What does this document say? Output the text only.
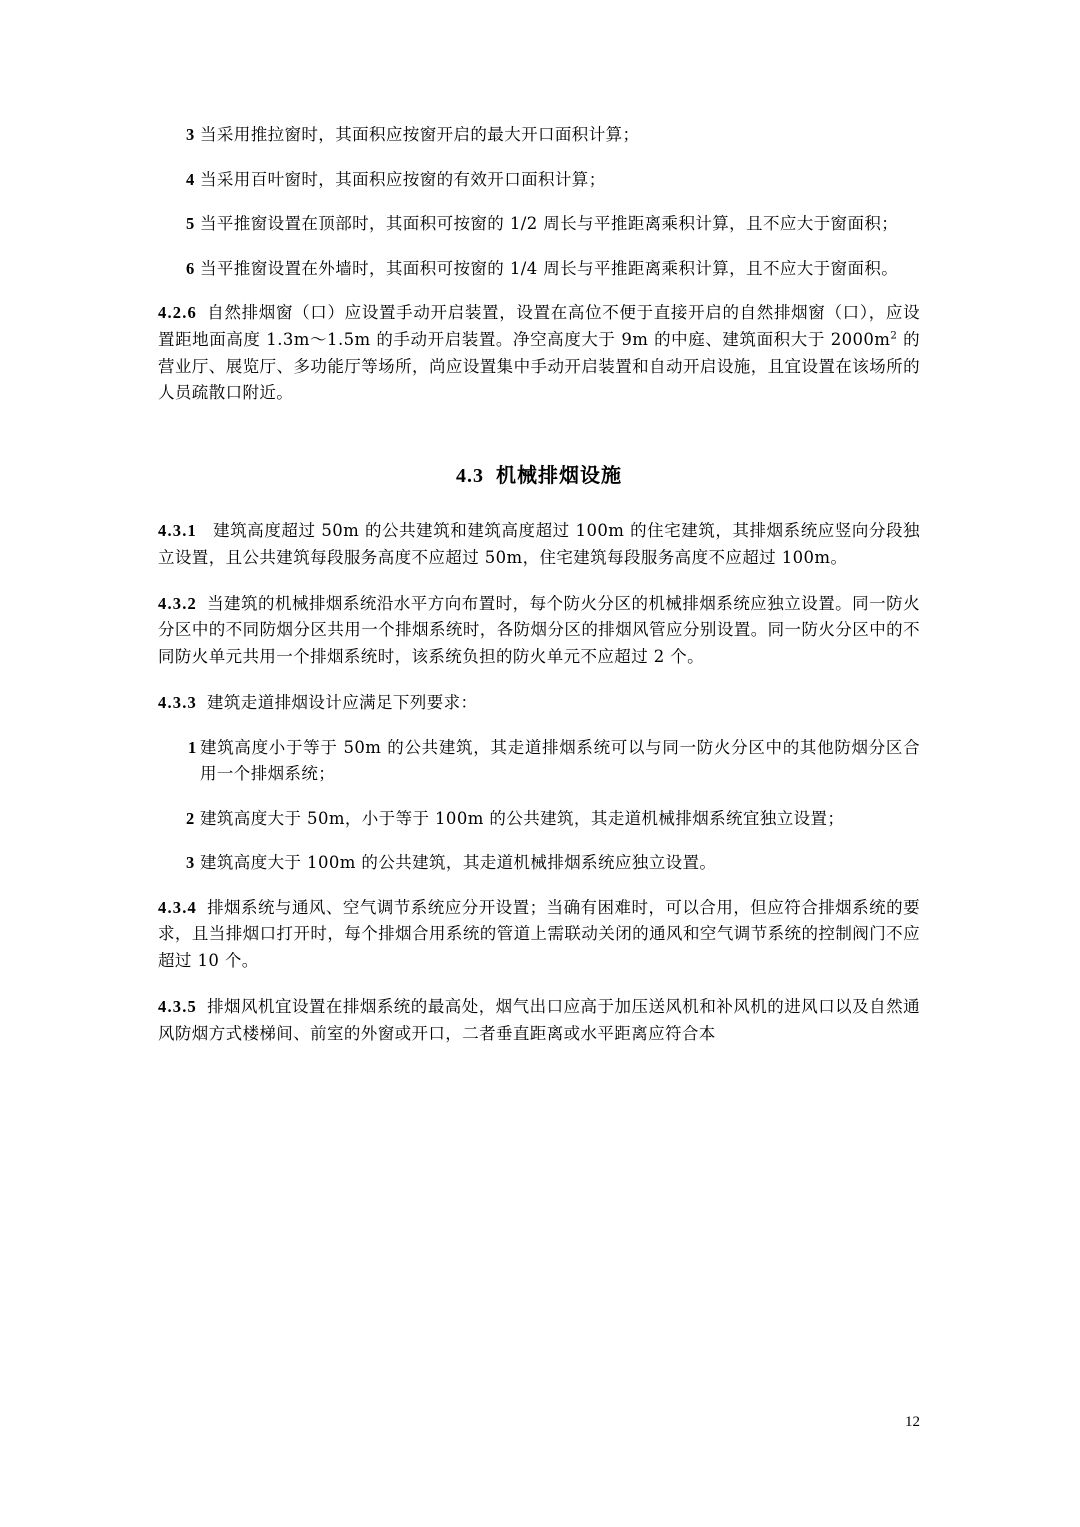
3 当采用推拉窗时，其面积应按窗开启的最大开口面积计算；
4 当采用百叶窗时，其面积应按窗的有效开口面积计算；
5 当平推窗设置在顶部时，其面积可按窗的 1/2 周长与平推距离乘积计算，且不应大于窗面积；
6 当平推窗设置在外墙时，其面积可按窗的 1/4 周长与平推距离乘积计算，且不应大于窗面积。

4.2.6 自然排烟窗（口）应设置手动开启装置，设置在高位不便于直接开启的自然排烟窗（口），应设置距地面高度 1.3m～1.5m 的手动开启装置。净空高度大于 9m 的中庭、建筑面积大于 $2000m^2$ 的营业厅、展览厅、多功能厅等场所，尚应设置集中手动开启装置和自动开启设施，且宜设置在该场所的人员疏散口附近。

4.3 机械排烟设施

4.3.1 建筑高度超过 50m 的公共建筑和建筑高度超过 100m 的住宅建筑，其排烟系统应竖向分段独立设置，且公共建筑每段服务高度不应超过 50m，住宅建筑每段服务高度不应超过 100m。

4.3.2 当建筑的机械排烟系统沿水平方向布置时，每个防火分区的机械排烟系统应独立设置。同一防火分区中的不同防烟分区共用一个排烟系统时，各防烟分区的排烟风管应分别设置。同一防火分区中的不同防火单元共用一个排烟系统时，该系统负担的防火单元不应超过 2 个。

4.3.3 建筑走道排烟设计应满足下列要求：

1 建筑高度小于等于 50m 的公共建筑，其走道排烟系统可以与同一防火分区中的其他防烟分区合用一个排烟系统；
2 建筑高度大于 50m，小于等于 100m 的公共建筑，其走道机械排烟系统宜独立设置；
3 建筑高度大于 100m 的公共建筑，其走道机械排烟系统应独立设置。

4.3.4 排烟系统与通风、空气调节系统应分开设置；当确有困难时，可以合用，但应符合排烟系统的要求，且当排烟口打开时，每个排烟合用系统的管道上需联动关闭的通风和空气调节系统的控制阀门不应超过 10 个。

4.3.5 排烟风机宜设置在排烟系统的最高处，烟气出口应高于加压送风机和补风机的进风口以及自然通风防烟方式楼梯间、前室的外窗或开口，二者垂直距离或水平距离应符合本

12
